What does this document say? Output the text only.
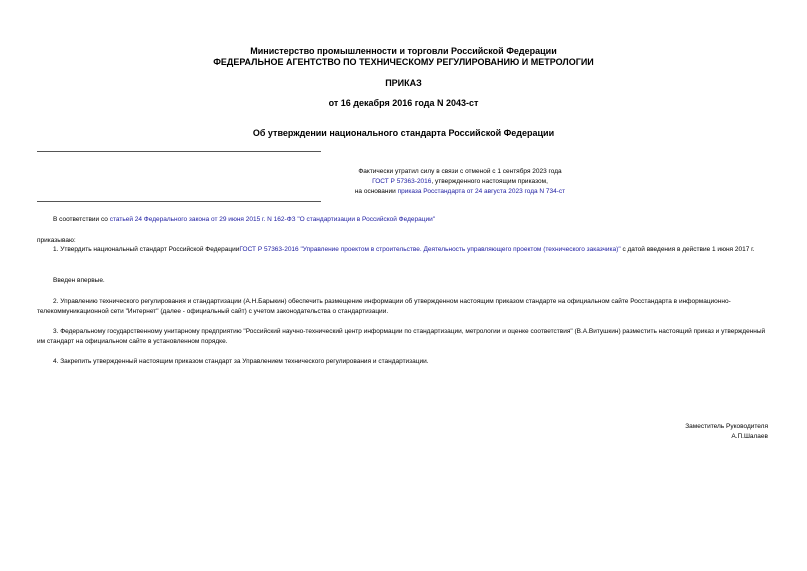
Министерство промышленности и торговли Российской Федерации
ФЕДЕРАЛЬНОЕ АГЕНТСТВО ПО ТЕХНИЧЕСКОМУ РЕГУЛИРОВАНИЮ И МЕТРОЛОГИИ
ПРИКАЗ
от 16 декабря 2016 года N 2043-ст
Об утверждении национального стандарта Российской Федерации
Фактически утратил силу в связи с отменой с 1 сентября 2023 года
ГОСТ Р 57363-2016, утвержденного настоящим приказом,
на основании приказа Росстандарта от 24 августа 2023 года N 734-ст
В соответствии со статьей 24 Федерального закона от 29 июня 2015 г. N 162-ФЗ "О стандартизации в Российской Федерации"
приказываю:
1. Утвердить национальный стандарт Российской ФедерацииГОСТ Р 57363-2016 "Управление проектом в строительстве. Деятельность управляющего проектом (технического заказчика)" с датой введения в действие 1 июня 2017 г.
Введен впервые.
2. Управлению технического регулирования и стандартизации (А.Н.Барыкин) обеспечить размещение информации об утвержденном настоящим приказом стандарте на официальном сайте Росстандарта в информационно-телекоммуникационной сети "Интернет" (далее - официальный сайт) с учетом законодательства о стандартизации.
3. Федеральному государственному унитарному предприятию "Российский научно-технический центр информации по стандартизации, метрологии и оценке соответствия" (В.А.Витушкин) разместить настоящий приказ и утвержденный им стандарт на официальном сайте в установленном порядке.
4. Закрепить утвержденный настоящим приказом стандарт за Управлением технического регулирования и стандартизации.
Заместитель Руководителя
А.П.Шалаев
